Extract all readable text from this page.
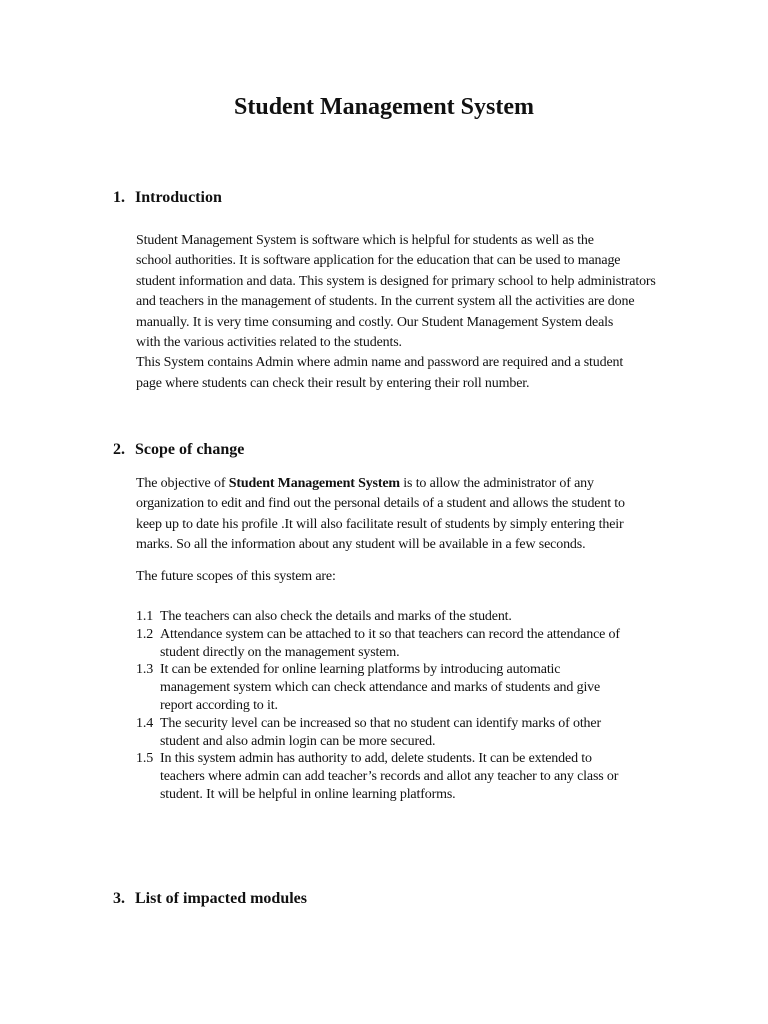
Student Management System
1. Introduction
Student Management System is software which is helpful for students as well as the
school authorities. It is software application for the education that can be used to manage
student information and data. This system is designed for primary school to help administrators
and teachers in the management of students. In the current system all the activities are done
manually. It is very time consuming and costly. Our Student Management System deals
with the various activities related to the students.
This System contains Admin where admin name and password are required and a student
page where students can check their result by entering their roll number.
2. Scope of change
The objective of Student Management System is to allow the administrator of any
organization to edit and find out the personal details of a student and allows the student to
keep up to date his profile .It will also facilitate result of students by simply entering their
marks. So all the information about any student will be available in a few seconds.

The future scopes of this system are:

1.1 The teachers can also check the details and marks of the student.
1.2 Attendance system can be attached to it so that teachers can record the attendance of
student directly on the management system.
1.3 It can be extended for online learning platforms by introducing automatic
management system which can check attendance and marks of students and give
report according to it.
1.4 The security level can be increased so that no student can identify marks of other
student and also admin login can be more secured.
1.5 In this system admin has authority to add, delete students. It can be extended to
teachers where admin can add teacher’s records and allot any teacher to any class or
student. It will be helpful in online learning platforms.
3. List of impacted modules
